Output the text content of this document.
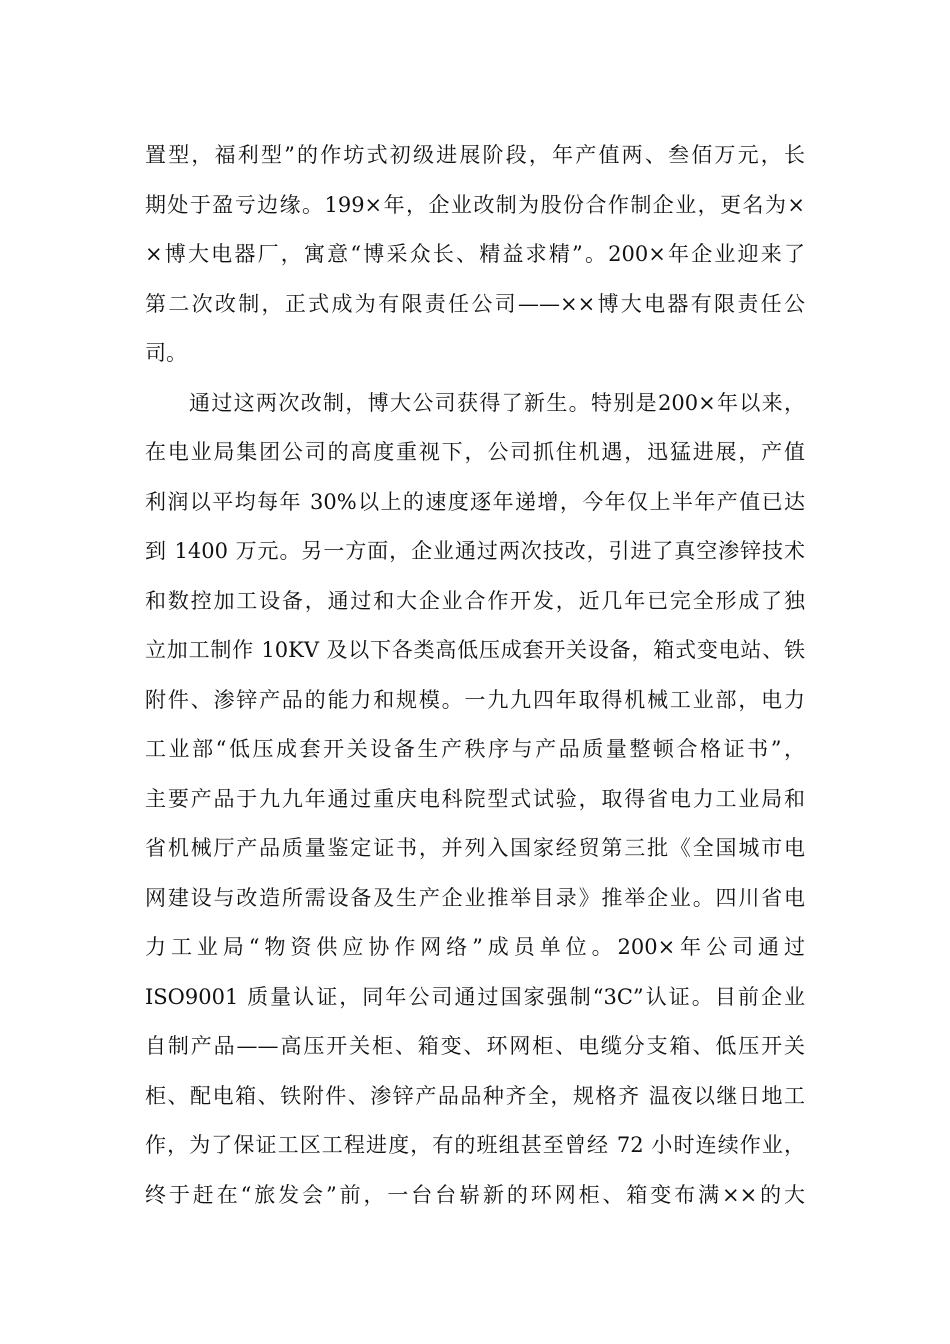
置型，福利型”的作坊式初级进展阶段，年产值两、叁佰万元，长
期处于盈亏边缘。199×年，企业改制为股份合作制企业，更名为×
×博大电器厂，寓意“博采众长、精益求精”。200×年企业迎来了
第二次改制，正式成为有限责任公司——××博大电器有限责任公
司。
通过这两次改制，博大公司获得了新生。特别是200×年以来，
在电业局集团公司的高度重视下，公司抓住机遇，迅猛进展，产值
利润以平均每年 30%以上的速度逐年递增，今年仅上半年产值已达
到 1400 万元。另一方面，企业通过两次技改，引进了真空渗锌技术
和数控加工设备，通过和大企业合作开发，近几年已完全形成了独
立加工制作 10KV 及以下各类高低压成套开关设备，箱式变电站、铁
附件、渗锌产品的能力和规模。一九九四年取得机械工业部，电力
工业部“低压成套开关设备生产秩序与产品质量整顿合格证书”，
主要产品于九九年通过重庆电科院型式试验，取得省电力工业局和
省机械厅产品质量鉴定证书，并列入国家经贸第三批《全国城市电
网建设与改造所需设备及生产企业推举目录》推举企业。四川省电
力工业局“物资供应协作网络”成员单位。200×年公司通过
ISO9001 质量认证，同年公司通过国家强制“3C”认证。目前企业
自制产品——高压开关柜、箱变、环网柜、电缆分支箱、低压开关
柜、配电箱、铁附件、渗锌产品品种齐全，规格齐 温夜以继日地工
作，为了保证工区工程进度，有的班组甚至曾经 72 小时连续作业，
终于赶在“旅发会”前，一台台崭新的环网柜、箱变布满××的大
